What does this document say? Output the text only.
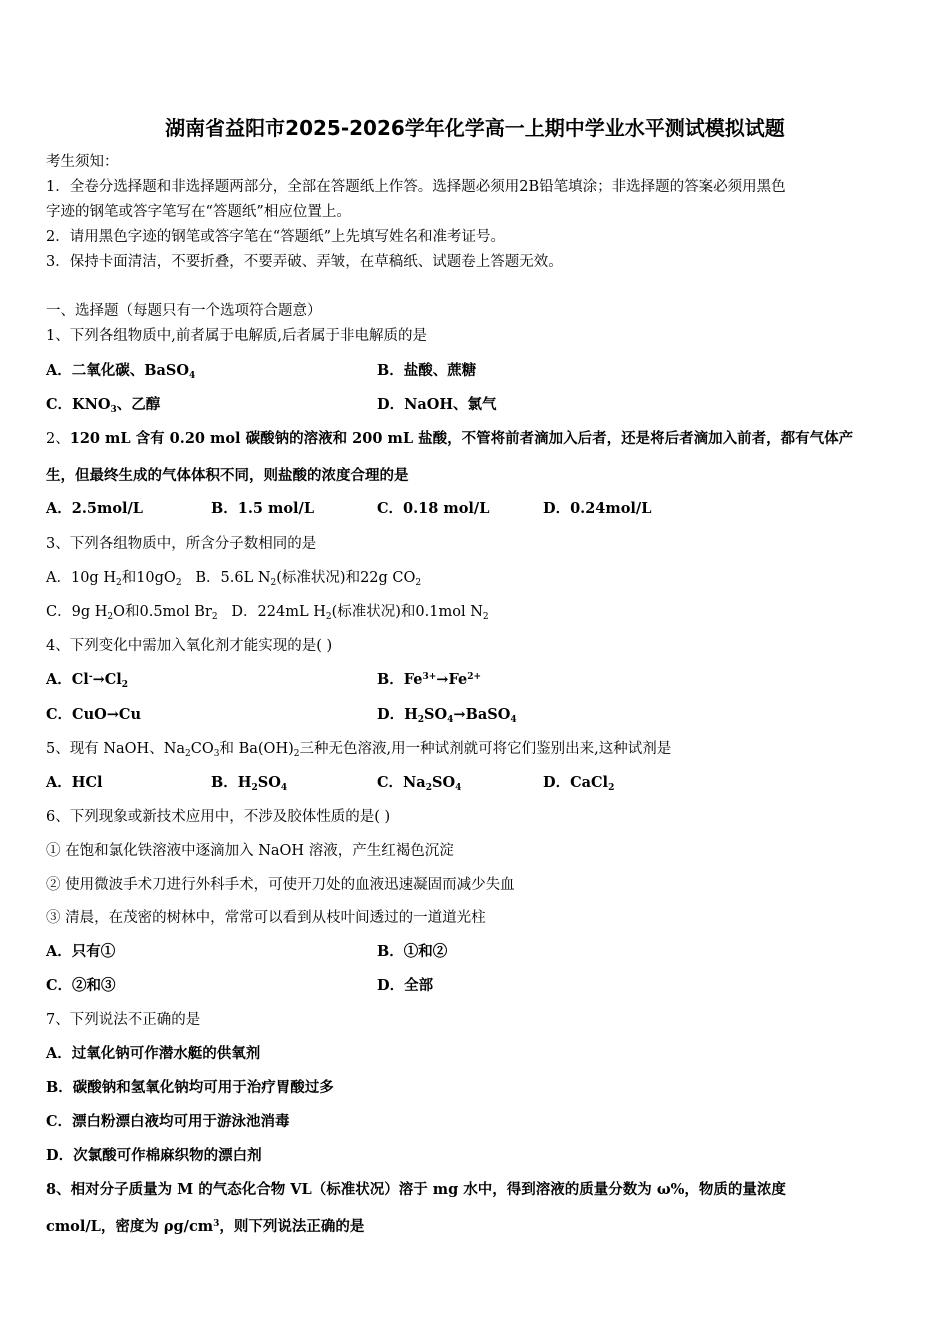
湖南省益阳市2025-2026学年化学高一上期中学业水平测试模拟试题
考生须知：
1．全卷分选择题和非选择题两部分，全部在答题纸上作答。选择题必须用2B铅笔填涂；非选择题的答案必须用黑色
字迹的钢笔或答字笔写在“答题纸”相应位置上。
2．请用黑色字迹的钢笔或答字笔在“答题纸”上先填写姓名和准考证号。
3．保持卡面清洁，不要折叠，不要弄破、弄皱，在草稿纸、试题卷上答题无效。
一、选择题（每题只有一个选项符合题意）
1、下列各组物质中,前者属于电解质,后者属于非电解质的是
A．二氧化碳、BaSO$_4$	B．盐酸、蔗糖
C．$KNO_3$、乙醇	D．NaOH、氯气
2、120 mL 含有 0.20 mol 碳酸钠的溶液和 200 mL 盐酸，不管将前者滴加入后者，还是将后者滴加入前者，都有气体产
生，但最终生成的气体体积不同，则盐酸的浓度合理的是
A．2.5mol/L	B．1.5 mol/L	C．0.18 mol/L	D．0.24mol/L
3、下列各组物质中，所含分子数相同的是
A．10g $H_2$和$10gO_2$   B．5.6L $N_2$(标准状况)和22g $CO_2$
C．9g $H_2O$和0.5mol $Br_2$   D．224mL $H_2$(标准状况)和0.1mol $N_2$
4、下列变化中需加入氧化剂才能实现的是( )
A．$Cl^-\to Cl_2$	B．$Fe^{3+}\to Fe^{2+}$
C．CuO→Cu	D．$H_2SO_4\to BaSO_4$
5、现有 NaOH、$Na_2CO_3$和 $Ba(OH)_2$三种无色溶液,用一种试剂就可将它们鉴别出来,这种试剂是
A．HCl	B．$H_2SO_4$	C．$Na_2SO_4$	D．CaCl$_2$
6、下列现象或新技术应用中，不涉及胶体性质的是( )
① 在饱和氯化铁溶液中逐滴加入 NaOH 溶液，产生红褐色沉淀
② 使用微波手术刀进行外科手术，可使开刀处的血液迅速凝固而减少失血
③ 清晨，在茂密的树林中，常常可以看到从枝叶间透过的一道道光柱
A．只有①	B．①和②
C．②和③	D．全部
7、下列说法不正确的是
A．过氧化钠可作潜水艇的供氧剂
B．碳酸钠和氢氧化钠均可用于治疗胃酸过多
C．漂白粉漂白液均可用于游泳池消毒
D．次氯酸可作棉麻织物的漂白剂
8、相对分子质量为 M 的气态化合物 VL（标准状况）溶于 mg 水中，得到溶液的质量分数为 ω%，物质的量浓度
cmol/L，密度为 $\rho g/cm^3$，则下列说法正确的是
